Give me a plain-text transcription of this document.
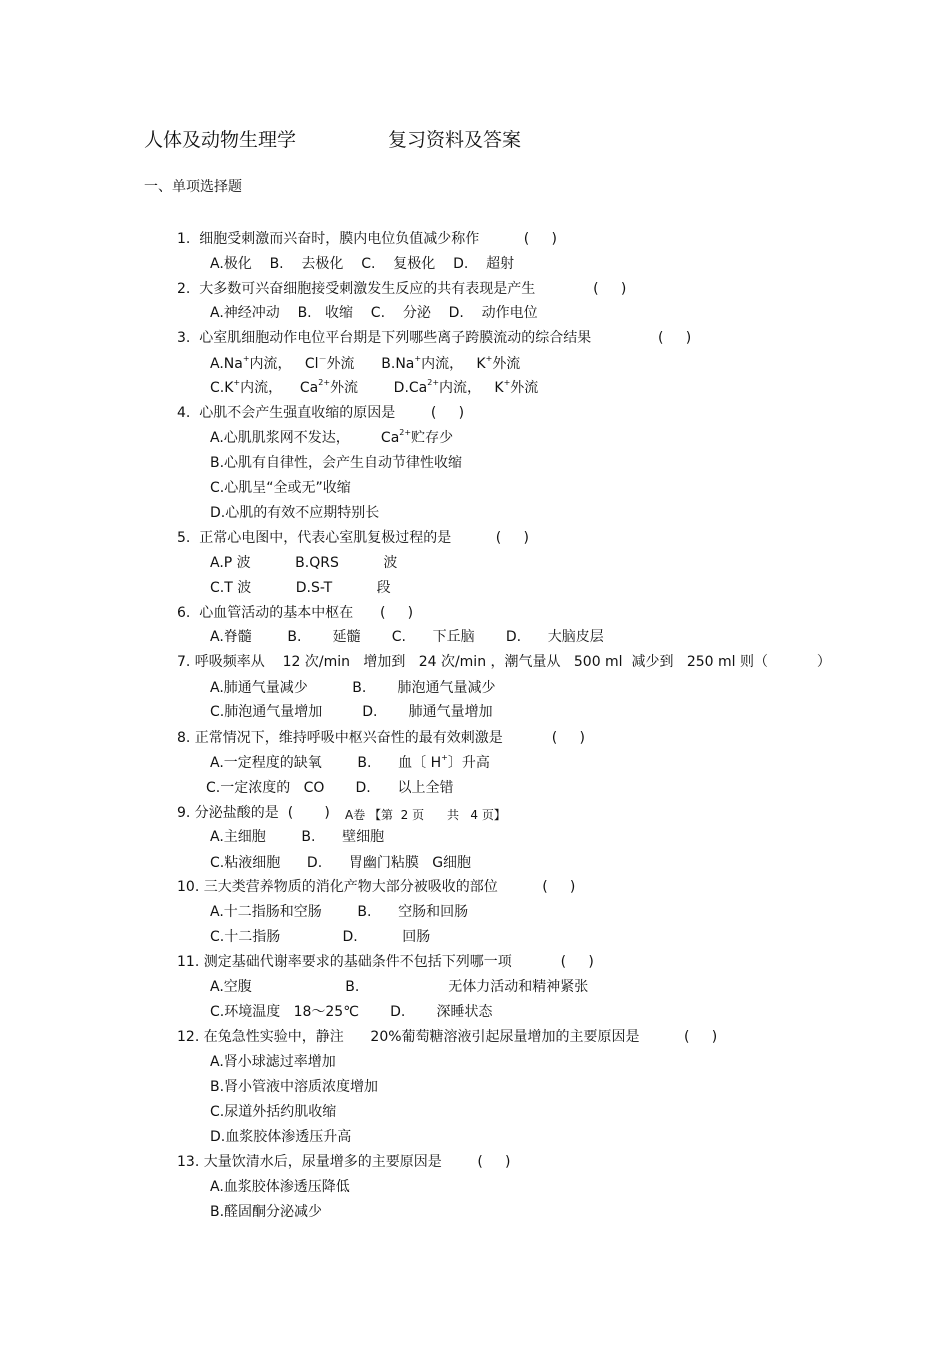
人体及动物生理学	复习资料及答案
一、单项选择题
1.  细胞受刺激而兴奋时，膜内电位负值减少称作          (     )
A.极化    B.    去极化    C.    复极化    D.    超射
2.  大多数可兴奋细胞接受刺激发生反应的共有表现是产生             (     )
A.神经冲动    B.   收缩    C.    分泌    D.    动作电位
3.  心室肌细胞动作电位平台期是下列哪些离子跨膜流动的综合结果               (     )
A.Na+内流，   Cl－外流      B.Na+内流，   K+外流
C.K+内流，    $Ca^{2+}$外流        $D.Ca^{2+}$内流，   K+外流
4.  心肌不会产生强直收缩的原因是        (     )
A.心肌肌浆网不发达，       $Ca^{2+}$贮存少
B.心肌有自律性，会产生自动节律性收缩
C.心肌呈“全或无”收缩
D.心肌的有效不应期特别长
5.  正常心电图中，代表心室肌复极过程的是          (     )
A.P 波          B.QRS          波
C.T 波          D.S-T          段
6.  心血管活动的基本中枢在      (     )
A.脊髓        B.       延髓       C.      下丘脑       D.      大脑皮层
7. 呼吸频率从    12 次/min   增加到   24 次/min ，潮气量从   500 ml  减少到   250 ml 则（           ）
A.肺通气量减少          B.       肺泡通气量减少
C.肺泡通气量增加         D.       肺通气量增加
8. 正常情况下，维持呼吸中枢兴奋性的最有效刺激是           (     )
A.一定程度的缺氧        B.      血〔 H+〕升高
C.一定浓度的   CO       D.      以上全错
9. 分泌盐酸的是  (       ) A卷 【第  2 页      共   4 页】
A.主细胞        B.      壁细胞
C.粘液细胞      D.      胃幽门粘膜   G细胞
10. 三大类营养物质的消化产物大部分被吸收的部位          (     )
A.十二指肠和空肠        B.      空肠和回肠
C.十二指肠              D.          回肠
11. 测定基础代谢率要求的基础条件不包括下列哪一项           (     )
A.空腹                     B.                    无体力活动和精神紧张
C.环境温度   18～25℃       D.       深睡状态
12. 在兔急性实验中，静注      20%葡萄糖溶液引起尿量增加的主要原因是          (     )
A.肾小球滤过率增加
B.肾小管液中溶质浓度增加
C.尿道外括约肌收缩
D.血浆胶体渗透压升高
13. 大量饮清水后，尿量增多的主要原因是        (     )
A.血浆胶体渗透压降低
B.醛固酮分泌减少
